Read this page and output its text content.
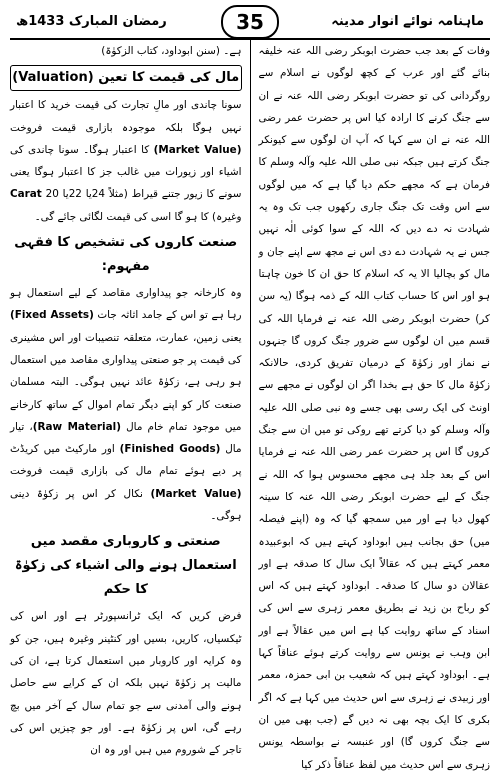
رمضان المبارک 1433ھ	35	ماہنامہ نوائے انوار مدینہ

وفات کے بعد جب حضرت ابوبکر رضی اللہ عنہ خلیفہ بنائے گئے اور عرب کے کچھ لوگوں نے اسلام سے روگردانی کی تو حضرت ابوبکر رضی اللہ عنہ نے ان سے جنگ کرنے کا ارادہ کیا اس پر حضرت عمر رضی اللہ عنہ نے ان سے کہا کہ آپ ان لوگوں سے کیونکر جنگ کرتے ہیں جبکہ نبی صلی اللہ علیہ وآلہ وسلم کا فرمان ہے کہ مجھے حکم دیا گیا ہے کہ میں لوگوں سے اس وقت تک جنگ جاری رکھوں جب تک وہ یہ شہادت نہ دے دیں کہ اللہ کے سوا کوئی الٰہ نہیں جس نے یہ شہادت دے دی اس نے مجھ سے اپنے جان و مال کو بچالیا الا یہ کہ اسلام کا حق ان کا خون چاہتا ہو اور اس کا حساب کتاب اللہ کے ذمہ ہوگا (یہ سن کر) حضرت ابوبکر رضی اللہ عنہ نے فرمایا اللہ کی قسم میں ان لوگوں سے ضرور جنگ کروں گا جنہوں نے نماز اور زکوٰۃ کے درمیان تفریق کردی، حالانکہ زکوٰۃ مال کا حق ہے بخدا اگر ان لوگوں نے مجھے سے اونٹ کی ایک رسی بھی جسے وہ نبی صلی اللہ علیہ وآلہ وسلم کو دیا کرتے تھے روکی تو میں ان سے جنگ کروں گا اس پر حضرت عمر رضی اللہ عنہ نے فرمایا اس کے بعد جلد ہی مجھے محسوس ہوا کہ اللہ نے جنگ کے لیے حضرت ابوبکر رضی اللہ عنہ کا سینہ کھول دیا ہے اور میں سمجھ گیا کہ وہ (اپنے فیصلہ میں) حق بجانب ہیں ابوداود کہتے ہیں کہ ابوعبیدہ معمر کہتے ہیں کہ عقالاً ایک سال کا صدقہ ہے اور عقالان دو سال کا صدقہ۔ ابوداود کہتے ہیں کہ اس کو رباح بن زید نے بطریق معمر زہری سے اس کی اسناد کے ساتھ روایت کیا ہے اس میں عقالاً ہے اور ابن وہب نے یونس سے روایت کرتے ہوئے عناقاً کہا ہے۔ ابوداود کہتے ہیں کہ شعیب بن ابی حمزہ، معمر اور زبیدی نے زہری سے اس حدیث میں کہا ہے کہ اگر بکری کا ایک بچہ بھی نہ دیں گے (جب بھی میں ان سے جنگ کروں گا) اور عنبسہ نے بواسطہ یونس زہری سے اس حدیث میں لفظ عناقاً ذکر کیا

ہے۔ (سنن ابوداود، کتاب الزکوٰۃ)

مال کی قیمت کا تعین (Valuation)

سونا چاندی اور مالِ تجارت کی قیمت خرید کا اعتبار نہیں ہوگا بلکہ موجودہ بازاری قیمت فروخت (Market Value) کا اعتبار ہوگا۔ سونا چاندی کی اشیاء اور زیورات میں غالب جز کا اعتبار ہوگا یعنی سونے کا زیور جتنے قیراط (مثلاً 24یا 22یا 20 Carat وغیرہ) کا ہو گا اسی کی قیمت لگائی جائے گی۔

صنعت کاروں کی تشخیص کا فقہی مفہوم:

وہ کارخانہ جو پیداواری مقاصد کے لیے استعمال ہو رہا ہے تو اس کے جامد اثاثہ جات (Fixed Assets) یعنی زمین، عمارت، متعلقہ تنصیبات اور اس مشینری کی قیمت پر جو صنعتی پیداواری مقاصد میں استعمال ہو رہی ہے، زکوٰۃ عائد نہیں ہوگی۔ البتہ مسلمان صنعت کار کو اپنے دیگر تمام اموال کے ساتھ کارخانے میں موجود تمام خام مال (Raw Material)، تیار مال (Finished Goods) اور مارکیٹ میں کریڈٹ پر دیے ہوئے تمام مال کی بازاری قیمت فروخت (Market Value) نکال کر اس پر زکوٰۃ دینی ہوگی۔

صنعتی و کاروباری مقصد میں استعمال ہونے والی اشیاء کی زکوٰۃ کا حکم

فرض کریں کہ ایک ٹرانسپورٹر ہے اور اس کی ٹیکسیاں، کاریں، بسیں اور کنٹینر وغیرہ ہیں، جن کو وہ کرایہ اور کاروبار میں استعمال کرتا ہے، ان کی مالیت پر زکوٰۃ نہیں بلکہ ان کے کرایے سے حاصل ہونے والی آمدنی سے جو تمام سال کے آخر میں بچ رہے گی، اس پر زکوٰۃ ہے۔ اور جو چیزیں اس کی تاجر کے شوروم میں ہیں اور وہ ان
